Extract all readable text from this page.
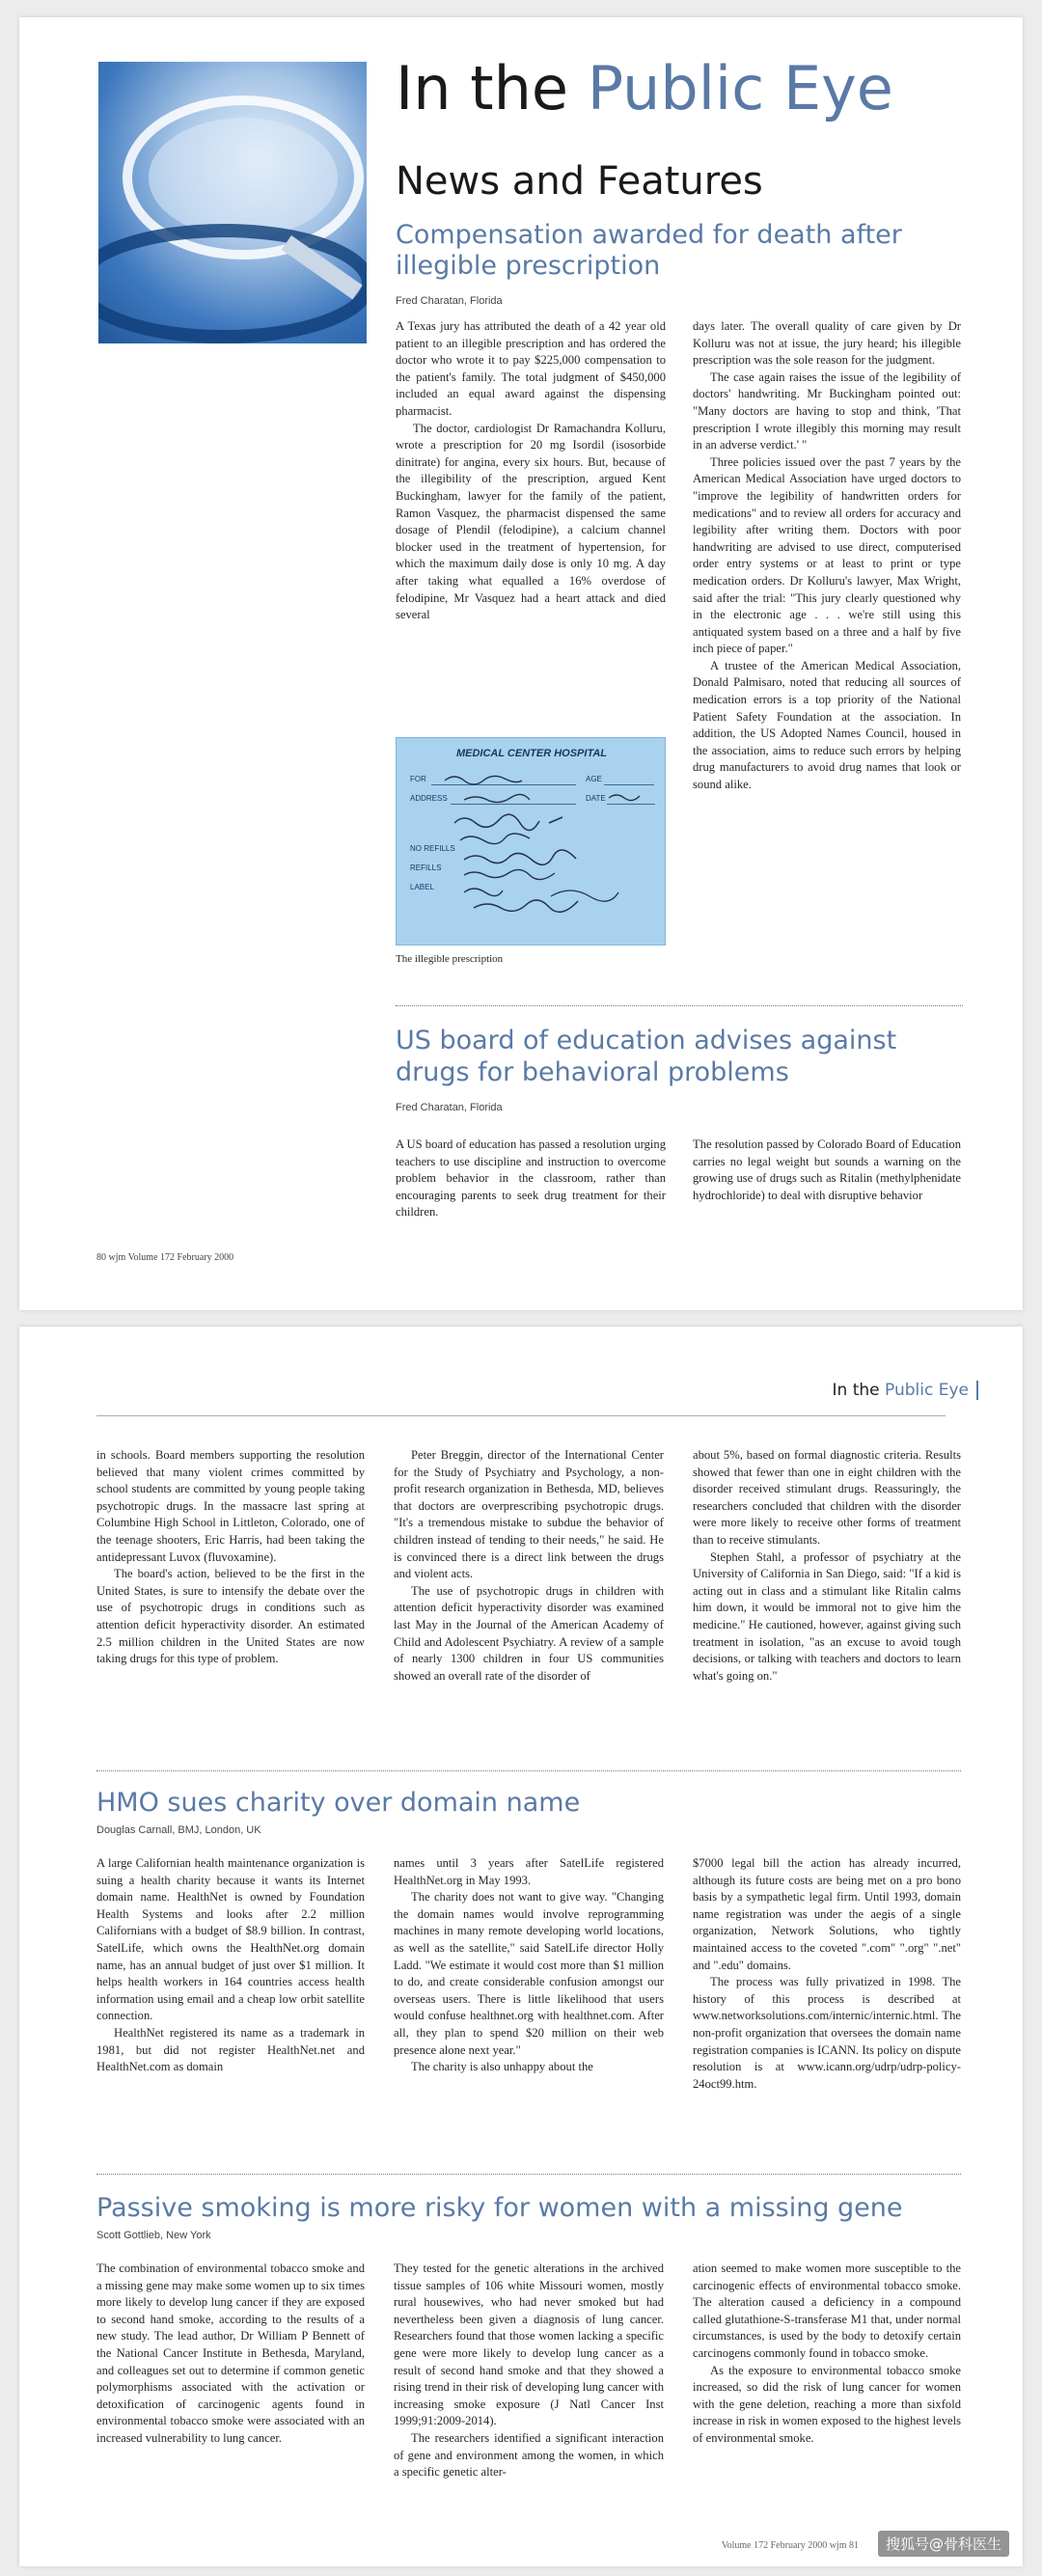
In the Public Eye
News and Features
Compensation awarded for death after illegible prescription
Fred Charatan, Florida

A Texas jury has attributed the death of a 42 year old patient to an illegible prescription and has ordered the doctor who wrote it to pay $225,000 compensation to the patient's family. The total judgment of $450,000 included an equal award against the dispensing pharmacist.

The doctor, cardiologist Dr Ramachandra Kolluru, wrote a prescription for 20 mg Isordil (isosorbide dinitrate) for angina, every six hours. But, because of the illegibility of the prescription, argued Kent Buckingham, lawyer for the family of the patient, Ramon Vasquez, the pharmacist dispensed the same dosage of Plendil (felodipine), a calcium channel blocker used in the treatment of hypertension, for which the maximum daily dose is only 10 mg. A day after taking what equalled a 16% overdose of felodipine, Mr Vasquez had a heart attack and died several

MEDICAL CENTER HOSPITAL
FOR	AGE
ADDRESS	DATE
NO REFILLS
REFILLS
LABEL
The illegible prescription

days later. The overall quality of care given by Dr Kolluru was not at issue, the jury heard; his illegible prescription was the sole reason for the judgment.

The case again raises the issue of the legibility of doctors' handwriting. Mr Buckingham pointed out: "Many doctors are having to stop and think, 'That prescription I wrote illegibly this morning may result in an adverse verdict.' "

Three policies issued over the past 7 years by the American Medical Association have urged doctors to "improve the legibility of handwritten orders for medications" and to review all orders for accuracy and legibility after writing them. Doctors with poor handwriting are advised to use direct, computerised order entry systems or at least to print or type medication orders. Dr Kolluru's lawyer, Max Wright, said after the trial: "This jury clearly questioned why in the electronic age . . . we're still using this antiquated system based on a three and a half by five inch piece of paper."

A trustee of the American Medical Association, Donald Palmisaro, noted that reducing all sources of medication errors is a top priority of the National Patient Safety Foundation at the association. In addition, the US Adopted Names Council, housed in the association, aims to reduce such errors by helping drug manufacturers to avoid drug names that look or sound alike.

US board of education advises against drugs for behavioral problems
Fred Charatan, Florida

A US board of education has passed a resolution urging teachers to use discipline and instruction to overcome problem behavior in the classroom, rather than encouraging parents to seek drug treatment for their children.

The resolution passed by Colorado Board of Education carries no legal weight but sounds a warning on the growing use of drugs such as Ritalin (methylphenidate hydrochloride) to deal with disruptive behavior

80 wjm Volume 172 February 2000
In the Public Eye

in schools. Board members supporting the resolution believed that many violent crimes committed by school students are committed by young people taking psychotropic drugs. In the massacre last spring at Columbine High School in Littleton, Colorado, one of the teenage shooters, Eric Harris, had been taking the antidepressant Luvox (fluvoxamine).

The board's action, believed to be the first in the United States, is sure to intensify the debate over the use of psychotropic drugs in conditions such as attention deficit hyperactivity disorder. An estimated 2.5 million children in the United States are now taking drugs for this type of problem.

Peter Breggin, director of the International Center for the Study of Psychiatry and Psychology, a non-profit research organization in Bethesda, MD, believes that doctors are overprescribing psychotropic drugs. "It's a tremendous mistake to subdue the behavior of children instead of tending to their needs," he said. He is convinced there is a direct link between the drugs and violent acts.

The use of psychotropic drugs in children with attention deficit hyperactivity disorder was examined last May in the Journal of the American Academy of Child and Adolescent Psychiatry. A review of a sample of nearly 1300 children in four US communities showed an overall rate of the disorder of

about 5%, based on formal diagnostic criteria. Results showed that fewer than one in eight children with the disorder received stimulant drugs. Reassuringly, the researchers concluded that children with the disorder were more likely to receive other forms of treatment than to receive stimulants.

Stephen Stahl, a professor of psychiatry at the University of California in San Diego, said: "If a kid is acting out in class and a stimulant like Ritalin calms him down, it would be immoral not to give him the medicine." He cautioned, however, against giving such treatment in isolation, "as an excuse to avoid tough decisions, or talking with teachers and doctors to learn what's going on."

HMO sues charity over domain name
Douglas Carnall, BMJ, London, UK

A large Californian health maintenance organization is suing a health charity because it wants its Internet domain name. HealthNet is owned by Foundation Health Systems and looks after 2.2 million Californians with a budget of $8.9 billion. In contrast, SatelLife, which owns the HealthNet.org domain name, has an annual budget of just over $1 million. It helps health workers in 164 countries access health information using email and a cheap low orbit satellite connection.

HealthNet registered its name as a trademark in 1981, but did not register HealthNet.net and HealthNet.com as domain

names until 3 years after SatelLife registered HealthNet.org in May 1993.

The charity does not want to give way. "Changing the domain names would involve reprogramming machines in many remote developing world locations, as well as the satellite," said SatelLife director Holly Ladd. "We estimate it would cost more than $1 million to do, and create considerable confusion amongst our overseas users. There is little likelihood that users would confuse healthnet.org with healthnet.com. After all, they plan to spend $20 million on their web presence alone next year."

The charity is also unhappy about the

$7000 legal bill the action has already incurred, although its future costs are being met on a pro bono basis by a sympathetic legal firm. Until 1993, domain name registration was under the aegis of a single organization, Network Solutions, who tightly maintained access to the coveted ".com" ".org" ".net" and ".edu" domains.

The process was fully privatized in 1998. The history of this process is described at www.networksolutions.com/internic/internic.html. The non-profit organization that oversees the domain name registration companies is ICANN. Its policy on dispute resolution is at www.icann.org/udrp/udrp-policy-24oct99.htm.

Passive smoking is more risky for women with a missing gene
Scott Gottlieb, New York

The combination of environmental tobacco smoke and a missing gene may make some women up to six times more likely to develop lung cancer if they are exposed to second hand smoke, according to the results of a new study. The lead author, Dr William P Bennett of the National Cancer Institute in Bethesda, Maryland, and colleagues set out to determine if common genetic polymorphisms associated with the activation or detoxification of carcinogenic agents found in environmental tobacco smoke were associated with an increased vulnerability to lung cancer.

They tested for the genetic alterations in the archived tissue samples of 106 white Missouri women, mostly rural housewives, who had never smoked but had nevertheless been given a diagnosis of lung cancer. Researchers found that those women lacking a specific gene were more likely to develop lung cancer as a result of second hand smoke and that they showed a rising trend in their risk of developing lung cancer with increasing smoke exposure (J Natl Cancer Inst 1999;91:2009-2014).

The researchers identified a significant interaction of gene and environment among the women, in which a specific genetic alter-

ation seemed to make women more susceptible to the carcinogenic effects of environmental tobacco smoke. The alteration caused a deficiency in a compound called glutathione-S-transferase M1 that, under normal circumstances, is used by the body to detoxify certain carcinogens commonly found in tobacco smoke.

As the exposure to environmental tobacco smoke increased, so did the risk of lung cancer for women with the gene deletion, reaching a more than sixfold increase in risk in women exposed to the highest levels of environmental smoke.

Volume 172 February 2000 wjm 81	搜狐号@骨科医生
